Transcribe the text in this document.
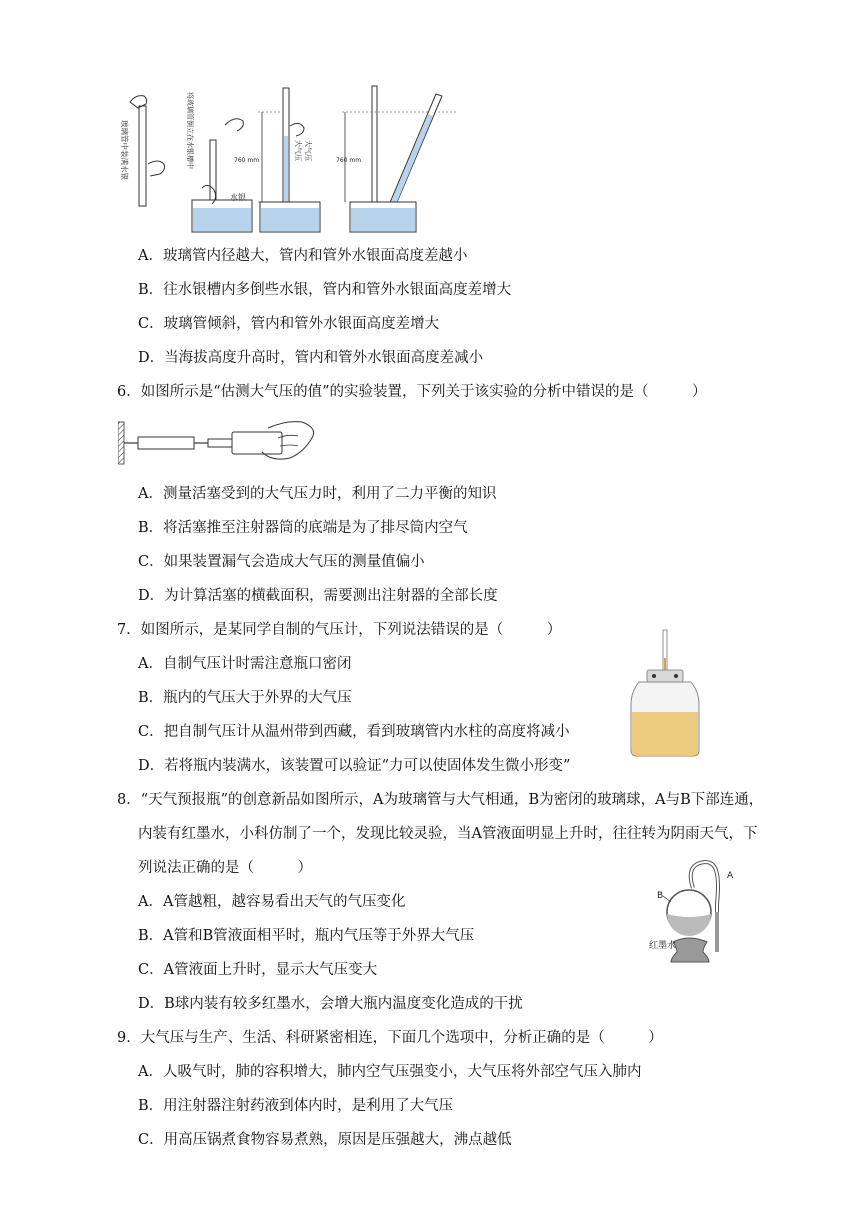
玻璃管中装满水银	将玻璃管倒立在水银槽中
水银
760 mm	大气压 大气压	760 mm
A．玻璃管内径越大，管内和管外水银面高度差越小
B．往水银槽内多倒些水银，管内和管外水银面高度差增大
C．玻璃管倾斜，管内和管外水银面高度差增大
D．当海拔高度升高时，管内和管外水银面高度差减小
6．如图所示是“估测大气压的值”的实验装置，下列关于该实验的分析中错误的是（　　　）
A．测量活塞受到的大气压力时，利用了二力平衡的知识
B．将活塞推至注射器筒的底端是为了排尽筒内空气
C．如果装置漏气会造成大气压的测量值偏小
D．为计算活塞的横截面积，需要测出注射器的全部长度
7．如图所示，是某同学自制的气压计，下列说法错误的是（　　　）
A．自制气压计时需注意瓶口密闭
B．瓶内的气压大于外界的大气压
C．把自制气压计从温州带到西藏，看到玻璃管内水柱的高度将减小
D．若将瓶内装满水，该装置可以验证“力可以使固体发生微小形变”
8．“天气预报瓶”的创意新品如图所示，A为玻璃管与大气相通，B为密闭的玻璃球，A与B下部连通，
内装有红墨水，小科仿制了一个，发现比较灵验，当A管液面明显上升时，往往转为阴雨天气，下
列说法正确的是（　　　）
A．A管越粗，越容易看出天气的气压变化
B．A管和B管液面相平时，瓶内气压等于外界大气压
C．A管液面上升时，显示大气压变大
D．B球内装有较多红墨水，会增大瓶内温度变化造成的干扰
A
B
红墨水
9．大气压与生产、生活、科研紧密相连，下面几个选项中，分析正确的是（　　　）
A．人吸气时，肺的容积增大，肺内空气压强变小，大气压将外部空气压入肺内
B．用注射器注射药液到体内时，是利用了大气压
C．用高压锅煮食物容易煮熟，原因是压强越大，沸点越低
